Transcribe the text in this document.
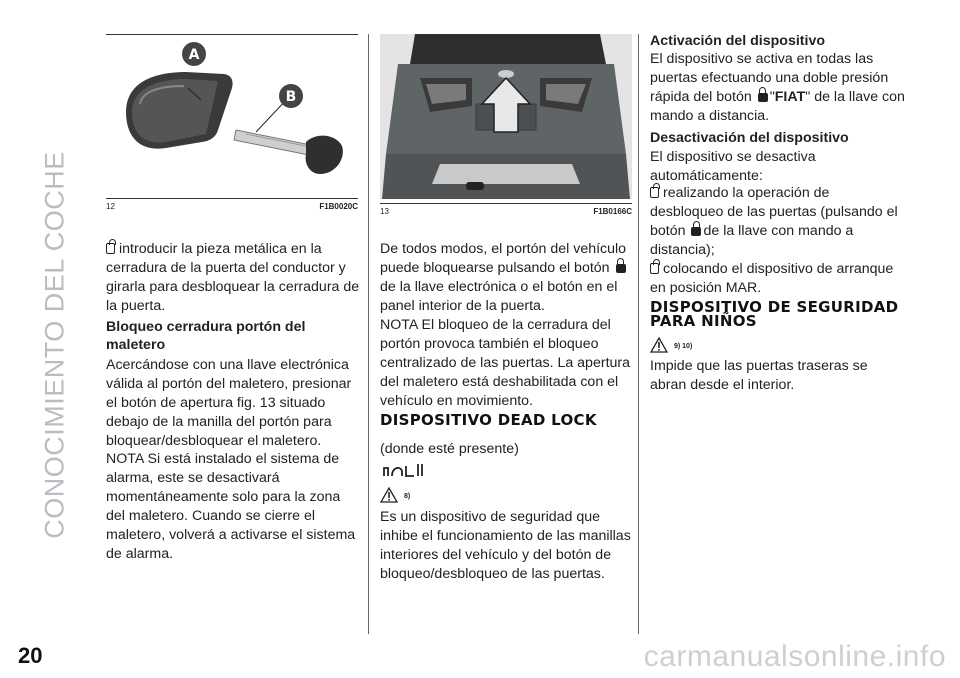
CONOCIMIENTO DEL COCHE
20	carmanualsonline.info
A
B
12	F1B0020C

introducir la pieza metálica en la cerradura de la puerta del conductor y girarla para desbloquear la cerradura de la puerta.

Bloqueo cerradura portón del maletero

Acercándose con una llave electrónica válida al portón del maletero, presionar el botón de apertura fig. 13 situado debajo de la manilla del portón para bloquear/desbloquear el maletero.

NOTA Si está instalado el sistema de alarma, este se desactivará momentáneamente solo para la zona del maletero. Cuando se cierre el maletero, volverá a activarse el sistema de alarma.

13	F1B0166C

De todos modos, el portón del vehículo puede bloquearse pulsando el botón de la llave electrónica o el botón en el panel interior de la puerta.

NOTA El bloqueo de la cerradura del portón provoca también el bloqueo centralizado de las puertas. La apertura del maletero está deshabilitada con el vehículo en movimiento.

DISPOSITIVO DEAD LOCK

(donde esté presente)

8)

Es un dispositivo de seguridad que inhibe el funcionamiento de las manillas interiores del vehículo y del botón de bloqueo/desbloqueo de las puertas.

Activación del dispositivo

El dispositivo se activa en todas las puertas efectuando una doble presión rápida del botón "FIAT" de la llave con mando a distancia.

Desactivación del dispositivo

El dispositivo se desactiva automáticamente:

realizando la operación de desbloqueo de las puertas (pulsando el botón de la llave con mando a distancia);

colocando el dispositivo de arranque en posición MAR.

DISPOSITIVO DE SEGURIDAD PARA NIÑOS

9) 10)

Impide que las puertas traseras se abran desde el interior.
